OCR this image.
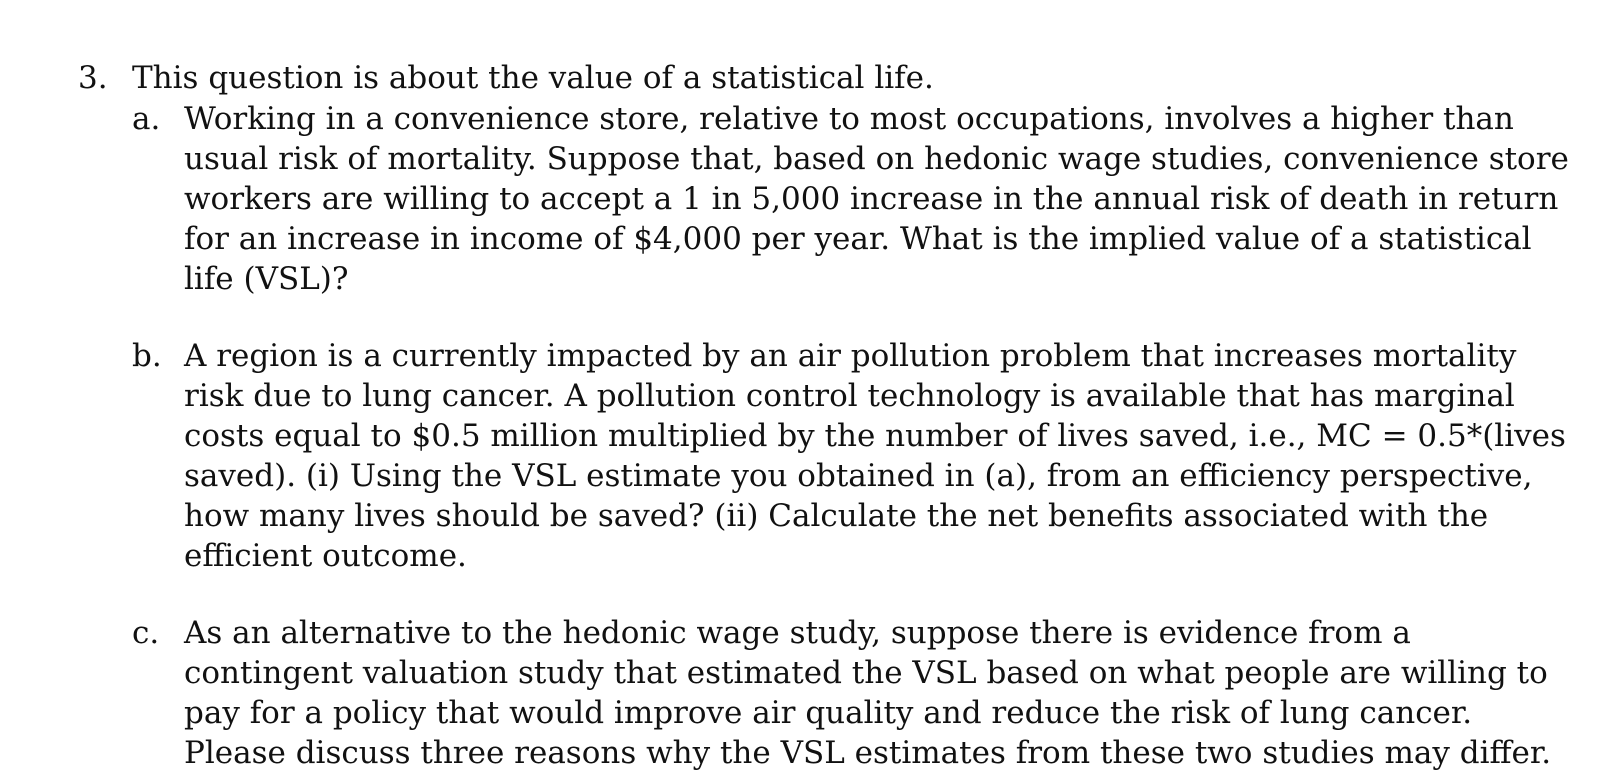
3. This question is about the value of a statistical life.

a. Working in a convenience store, relative to most occupations, involves a higher than usual risk of mortality. Suppose that, based on hedonic wage studies, convenience store workers are willing to accept a 1 in 5,000 increase in the annual risk of death in return for an increase in income of $4,000 per year. What is the implied value of a statistical life (VSL)?

b. A region is a currently impacted by an air pollution problem that increases mortality risk due to lung cancer. A pollution control technology is available that has marginal costs equal to $0.5 million multiplied by the number of lives saved, i.e., MC = 0.5*(lives saved). (i) Using the VSL estimate you obtained in (a), from an efficiency perspective, how many lives should be saved? (ii) Calculate the net benefits associated with the efficient outcome.

c. As an alternative to the hedonic wage study, suppose there is evidence from a contingent valuation study that estimated the VSL based on what people are willing to pay for a policy that would improve air quality and reduce the risk of lung cancer. Please discuss three reasons why the VSL estimates from these two studies may differ.
